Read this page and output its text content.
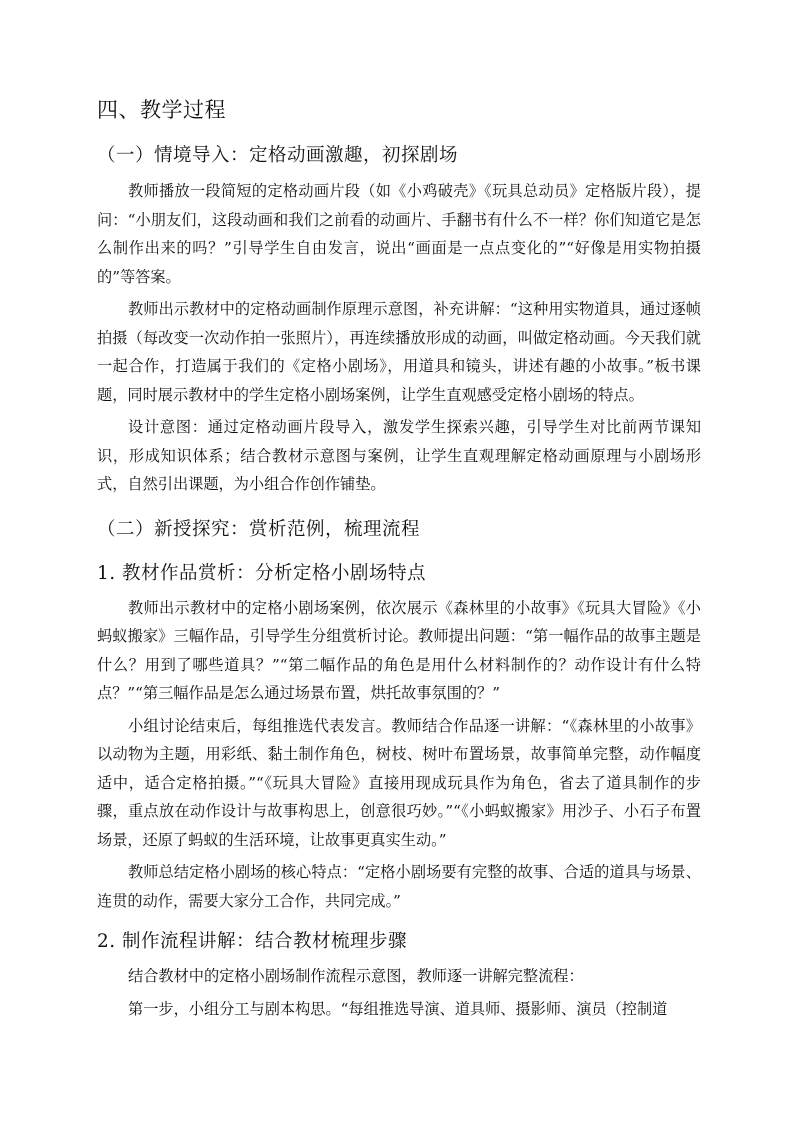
四、教学过程
（一）情境导入：定格动画激趣，初探剧场
教师播放一段简短的定格动画片段（如《小鸡破壳》《玩具总动员》定格版片段），提问：“小朋友们，这段动画和我们之前看的动画片、手翻书有什么不一样？你们知道它是怎么制作出来的吗？”引导学生自由发言，说出“画面是一点点变化的”“好像是用实物拍摄的”等答案。
教师出示教材中的定格动画制作原理示意图，补充讲解：“这种用实物道具，通过逐帧拍摄（每改变一次动作拍一张照片），再连续播放形成的动画，叫做定格动画。今天我们就一起合作，打造属于我们的《定格小剧场》，用道具和镜头，讲述有趣的小故事。”板书课题，同时展示教材中的学生定格小剧场案例，让学生直观感受定格小剧场的特点。
设计意图：通过定格动画片段导入，激发学生探索兴趣，引导学生对比前两节课知识，形成知识体系；结合教材示意图与案例，让学生直观理解定格动画原理与小剧场形式，自然引出课题，为小组合作创作铺垫。
（二）新授探究：赏析范例，梳理流程
1. 教材作品赏析：分析定格小剧场特点
教师出示教材中的定格小剧场案例，依次展示《森林里的小故事》《玩具大冒险》《小蚂蚁搬家》三幅作品，引导学生分组赏析讨论。教师提出问题：“第一幅作品的故事主题是什么？用到了哪些道具？”“第二幅作品的角色是用什么材料制作的？动作设计有什么特点？”“第三幅作品是怎么通过场景布置，烘托故事氛围的？”
小组讨论结束后，每组推选代表发言。教师结合作品逐一讲解：“《森林里的小故事》以动物为主题，用彩纸、黏土制作角色，树枝、树叶布置场景，故事简单完整，动作幅度适中，适合定格拍摄。”“《玩具大冒险》直接用现成玩具作为角色，省去了道具制作的步骤，重点放在动作设计与故事构思上，创意很巧妙。”“《小蚂蚁搬家》用沙子、小石子布置场景，还原了蚂蚁的生活环境，让故事更真实生动。”
教师总结定格小剧场的核心特点：“定格小剧场要有完整的故事、合适的道具与场景、连贯的动作，需要大家分工合作，共同完成。”
2. 制作流程讲解：结合教材梳理步骤
结合教材中的定格小剧场制作流程示意图，教师逐一讲解完整流程：
第一步，小组分工与剧本构思。“每组推选导演、道具师、摄影师、演员（控制道
